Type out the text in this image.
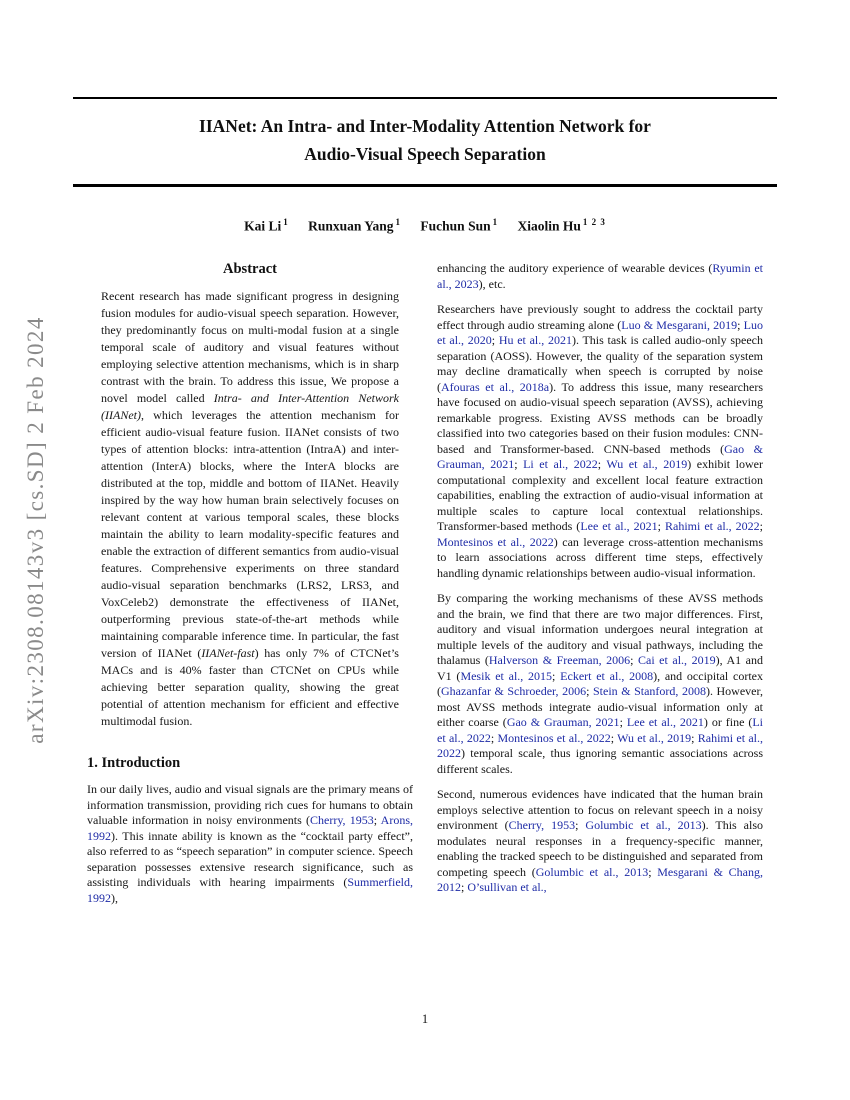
arXiv:2308.08143v3 [cs.SD] 2 Feb 2024
IIANet: An Intra- and Inter-Modality Attention Network for
Audio-Visual Speech Separation
Kai Li $^1$ Runxuan Yang $^1$ Fuchun Sun $^1$ Xiaolin Hu $^{1 2 3}$
Abstract

Recent research has made significant progress in designing fusion modules for audio-visual speech separation. However, they predominantly focus on multi-modal fusion at a single temporal scale of auditory and visual features without employing selective attention mechanisms, which is in sharp contrast with the brain. To address this issue, We propose a novel model called Intra- and Inter-Attention Network (IIANet), which leverages the attention mechanism for efficient audio-visual feature fusion. IIANet consists of two types of attention blocks: intra-attention (IntraA) and inter-attention (InterA) blocks, where the InterA blocks are distributed at the top, middle and bottom of IIANet. Heavily inspired by the way how human brain selectively focuses on relevant content at various temporal scales, these blocks maintain the ability to learn modality-specific features and enable the extraction of different semantics from audio-visual features. Comprehensive experiments on three standard audio-visual separation benchmarks (LRS2, LRS3, and VoxCeleb2) demonstrate the effectiveness of IIANet, outperforming previous state-of-the-art methods while maintaining comparable inference time. In particular, the fast version of IIANet (IIANet-fast) has only 7% of CTCNet’s MACs and is 40% faster than CTCNet on CPUs while achieving better separation quality, showing the great potential of attention mechanism for efficient and effective multimodal fusion.

1. Introduction

In our daily lives, audio and visual signals are the primary means of information transmission, providing rich cues for humans to obtain valuable information in noisy environments (Cherry, 1953; Arons, 1992). This innate ability is known as the “cocktail party effect”, also referred to as “speech separation” in computer science. Speech separation possesses extensive research significance, such as assisting individuals with hearing impairments (Summerfield, 1992),

enhancing the auditory experience of wearable devices (Ryumin et al., 2023), etc.

Researchers have previously sought to address the cocktail party effect through audio streaming alone (Luo & Mesgarani, 2019; Luo et al., 2020; Hu et al., 2021). This task is called audio-only speech separation (AOSS). However, the quality of the separation system may decline dramatically when speech is corrupted by noise (Afouras et al., 2018a). To address this issue, many researchers have focused on audio-visual speech separation (AVSS), achieving remarkable progress. Existing AVSS methods can be broadly classified into two categories based on their fusion modules: CNN-based and Transformer-based. CNN-based methods (Gao & Grauman, 2021; Li et al., 2022; Wu et al., 2019) exhibit lower computational complexity and excellent local feature extraction capabilities, enabling the extraction of audio-visual information at multiple scales to capture local contextual relationships. Transformer-based methods (Lee et al., 2021; Rahimi et al., 2022; Montesinos et al., 2022) can leverage cross-attention mechanisms to learn associations across different time steps, effectively handling dynamic relationships between audio-visual information.

By comparing the working mechanisms of these AVSS methods and the brain, we find that there are two major differences. First, auditory and visual information undergoes neural integration at multiple levels of the auditory and visual pathways, including the thalamus (Halverson & Freeman, 2006; Cai et al., 2019), A1 and V1 (Mesik et al., 2015; Eckert et al., 2008), and occipital cortex (Ghazanfar & Schroeder, 2006; Stein & Stanford, 2008). However, most AVSS methods integrate audio-visual information only at either coarse (Gao & Grauman, 2021; Lee et al., 2021) or fine (Li et al., 2022; Montesinos et al., 2022; Wu et al., 2019; Rahimi et al., 2022) temporal scale, thus ignoring semantic associations across different scales.

Second, numerous evidences have indicated that the human brain employs selective attention to focus on relevant speech in a noisy environment (Cherry, 1953; Golumbic et al., 2013). This also modulates neural responses in a frequency-specific manner, enabling the tracked speech to be distinguished and separated from competing speech (Golumbic et al., 2013; Mesgarani & Chang, 2012; O’sullivan et al.,

1
